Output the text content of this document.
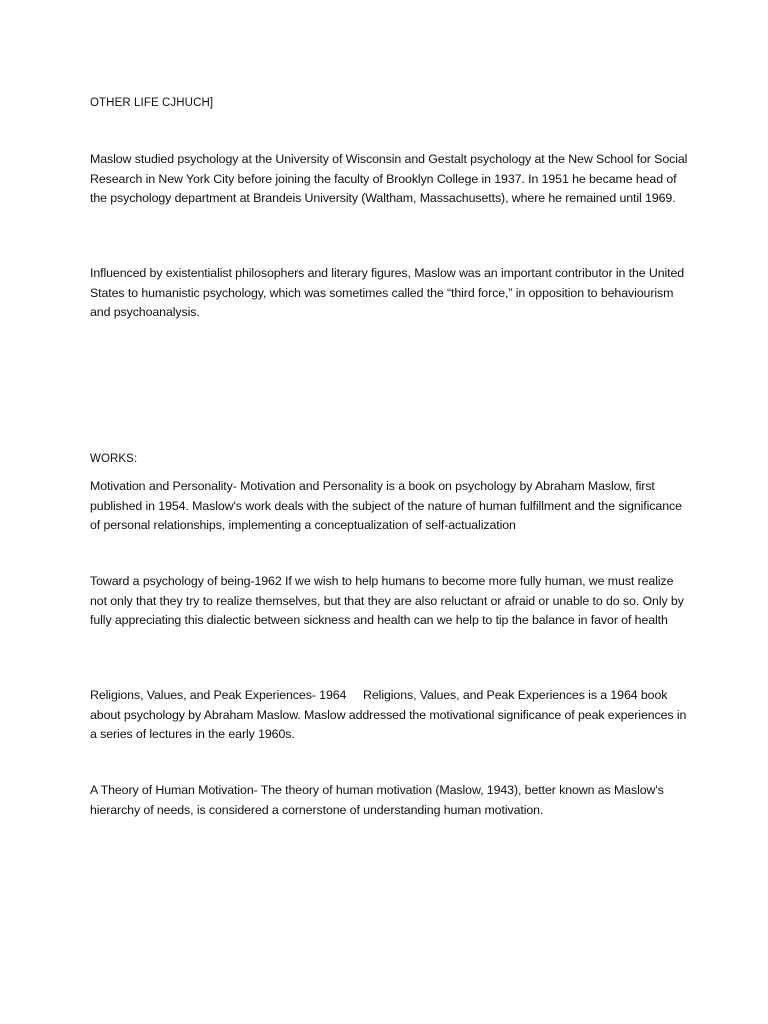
OTHER LIFE CJHUCH]

Maslow studied psychology at the University of Wisconsin and Gestalt psychology at the New School for Social Research in New York City before joining the faculty of Brooklyn College in 1937. In 1951 he became head of the psychology department at Brandeis University (Waltham, Massachusetts), where he remained until 1969.

Influenced by existentialist philosophers and literary figures, Maslow was an important contributor in the United States to humanistic psychology, which was sometimes called the “third force,” in opposition to behaviourism and psychoanalysis.

WORKS:

Motivation and Personality- Motivation and Personality is a book on psychology by Abraham Maslow, first published in 1954. Maslow's work deals with the subject of the nature of human fulfillment and the significance of personal relationships, implementing a conceptualization of self-actualization

Toward a psychology of being-1962 If we wish to help humans to become more fully human, we must realize not only that they try to realize themselves, but that they are also reluctant or afraid or unable to do so. Only by fully appreciating this dialectic between sickness and health can we help to tip the balance in favor of health

Religions, Values, and Peak Experiences- 1964     Religions, Values, and Peak Experiences is a 1964 book about psychology by Abraham Maslow. Maslow addressed the motivational significance of peak experiences in a series of lectures in the early 1960s.

A Theory of Human Motivation- The theory of human motivation (Maslow, 1943), better known as Maslow's hierarchy of needs, is considered a cornerstone of understanding human motivation.
